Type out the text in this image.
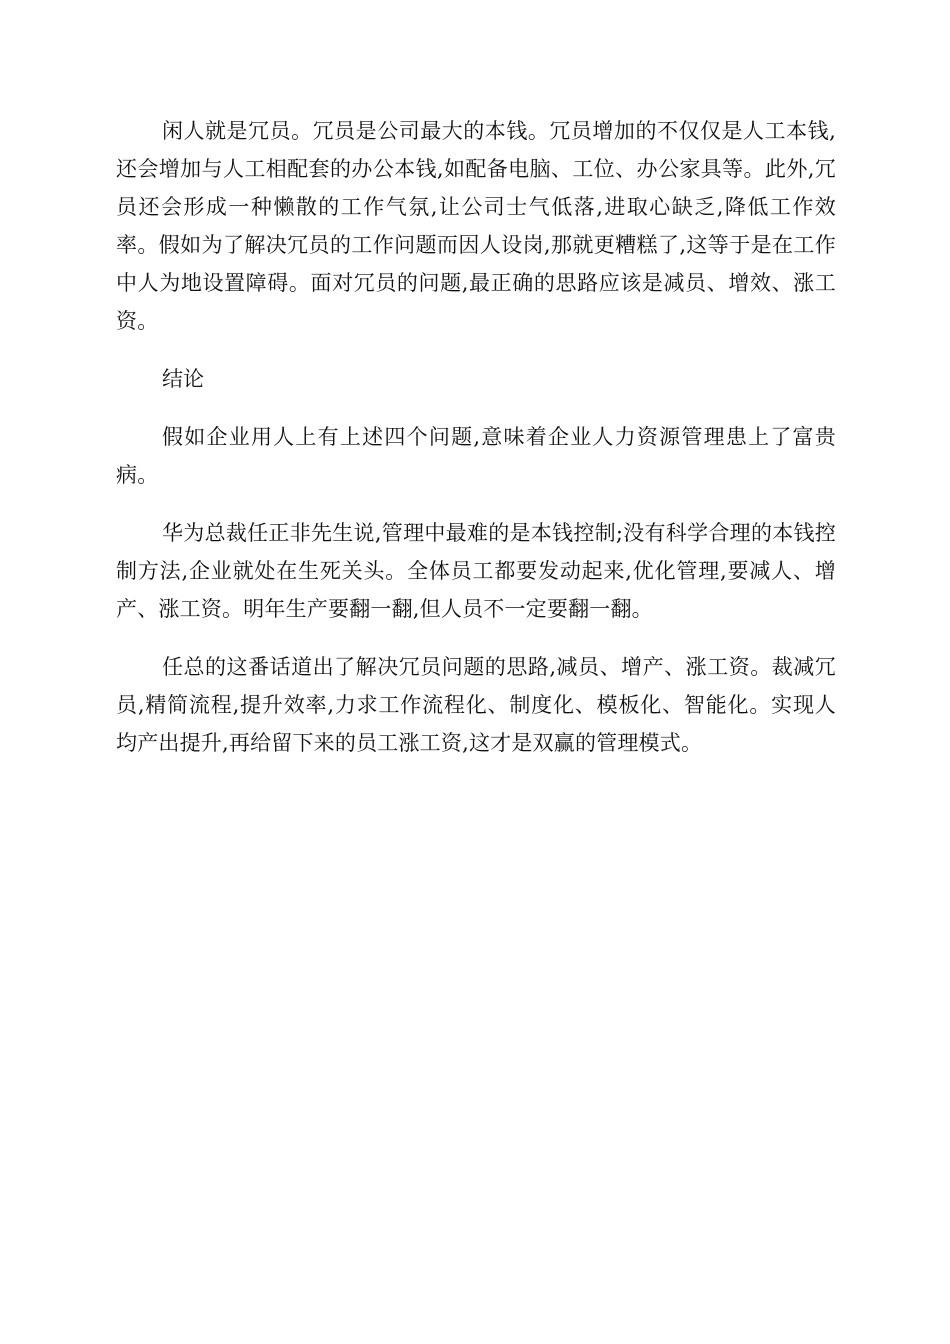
闲人就是冗员。冗员是公司最大的本钱。冗员增加的不仅仅是人工本钱,还会增加与人工相配套的办公本钱,如配备电脑、工位、办公家具等。此外,冗员还会形成一种懒散的工作气氛,让公司士气低落,进取心缺乏,降低工作效率。假如为了解决冗员的工作问题而因人设岗,那就更糟糕了,这等于是在工作中人为地设置障碍。面对冗员的问题,最正确的思路应该是减员、增效、涨工资。

结论

假如企业用人上有上述四个问题,意味着企业人力资源管理患上了富贵病。

华为总裁任正非先生说,管理中最难的是本钱控制;没有科学合理的本钱控制方法,企业就处在生死关头。全体员工都要发动起来,优化管理,要减人、增产、涨工资。明年生产要翻一翻,但人员不一定要翻一翻。

任总的这番话道出了解决冗员问题的思路,减员、增产、涨工资。裁减冗员,精简流程,提升效率,力求工作流程化、制度化、模板化、智能化。实现人均产出提升,再给留下来的员工涨工资,这才是双赢的管理模式。
